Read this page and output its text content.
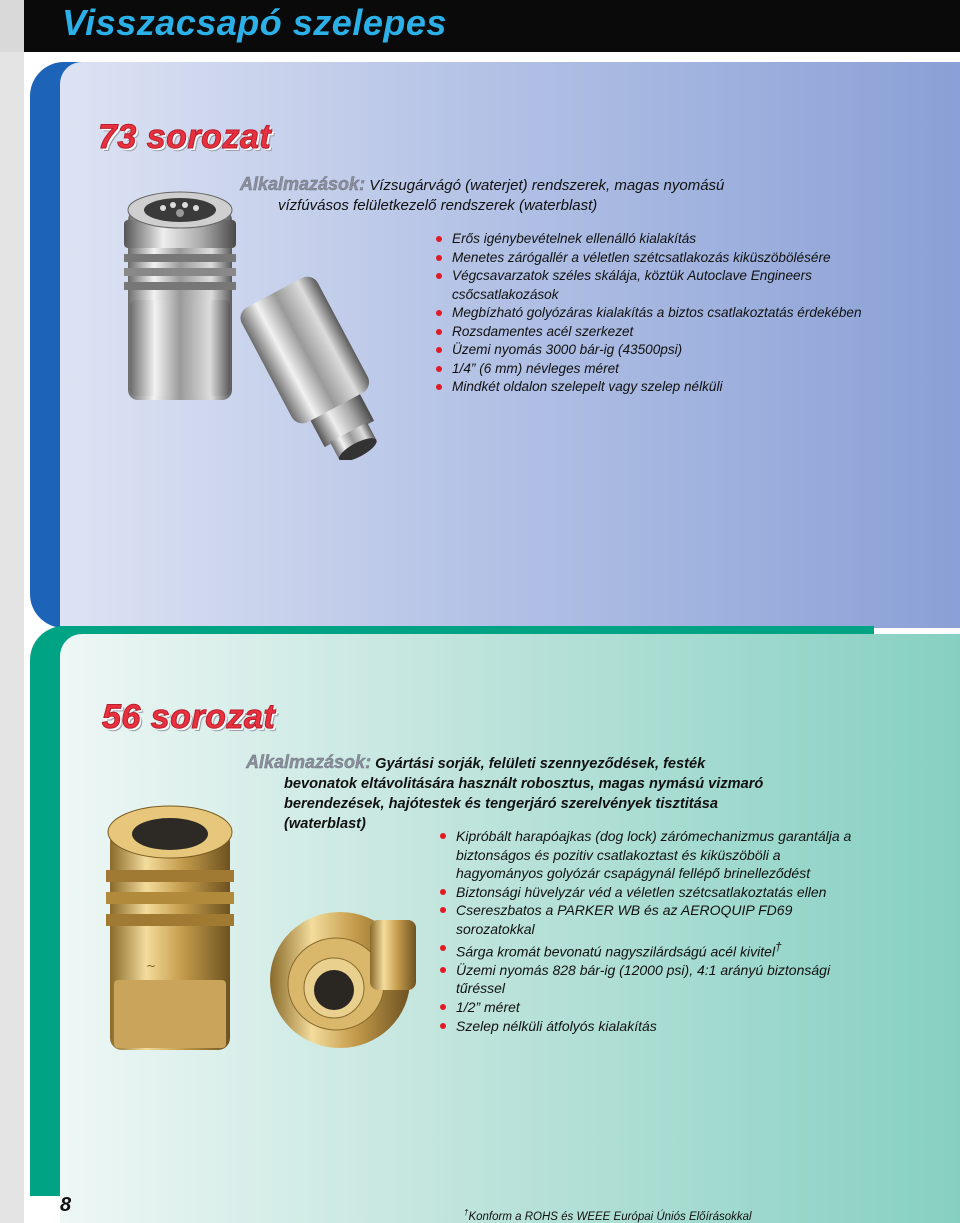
Visszacsapó szelepes
73 sorozat

Alkalmazások: Vízsugárvágó (waterjet) rendszerek, magas nyomású
vízfúvásos felületkezelő rendszerek (waterblast)

Erős igénybevételnek ellenálló kialakítás
Menetes zárógallér a véletlen szétcsatlakozás kiküszöbölésére
Végcsavarzatok széles skálája, köztük Autoclave Engineers csőcsatlakozások
Megbízható golyózáras kialakítás a biztos csatlakoztatás érdekében
Rozsdamentes acél szerkezet
Üzemi nyomás 3000 bár-ig (43500psi)
1/4” (6 mm) névleges méret
Mindkét oldalon szelepelt vagy szelep nélküli
~
56 sorozat

Alkalmazások: Gyártási sorják, felületi szennyeződések, festék
bevonatok eltávolitására használt robosztus, magas nymású vizmaró
berendezések, hajótestek és tengerjáró szerelvények tisztitása
(waterblast)

Kipróbált harapóajkas (dog lock) zárómechanizmus garantálja a biztonságos és pozitiv csatlakoztast és kiküszöböli a hagyományos golyózár csapágynál fellépő brinelleződést
Biztonsági hüvelyzár véd a véletlen szétcsatlakoztatás ellen
Csereszbatos a PARKER WB és az AEROQUIP FD69 sorozatokkal
Sárga kromát bevonatú nagyszilárdságú acél kivitel†
Üzemi nyomás 828 bár-ig (12000 psi), 4:1 arányú biztonsági tűréssel
1/2” méret
Szelep nélküli átfolyós kialakítás
8	†Konform a ROHS és WEEE Európai Úniós Előírásokkal
